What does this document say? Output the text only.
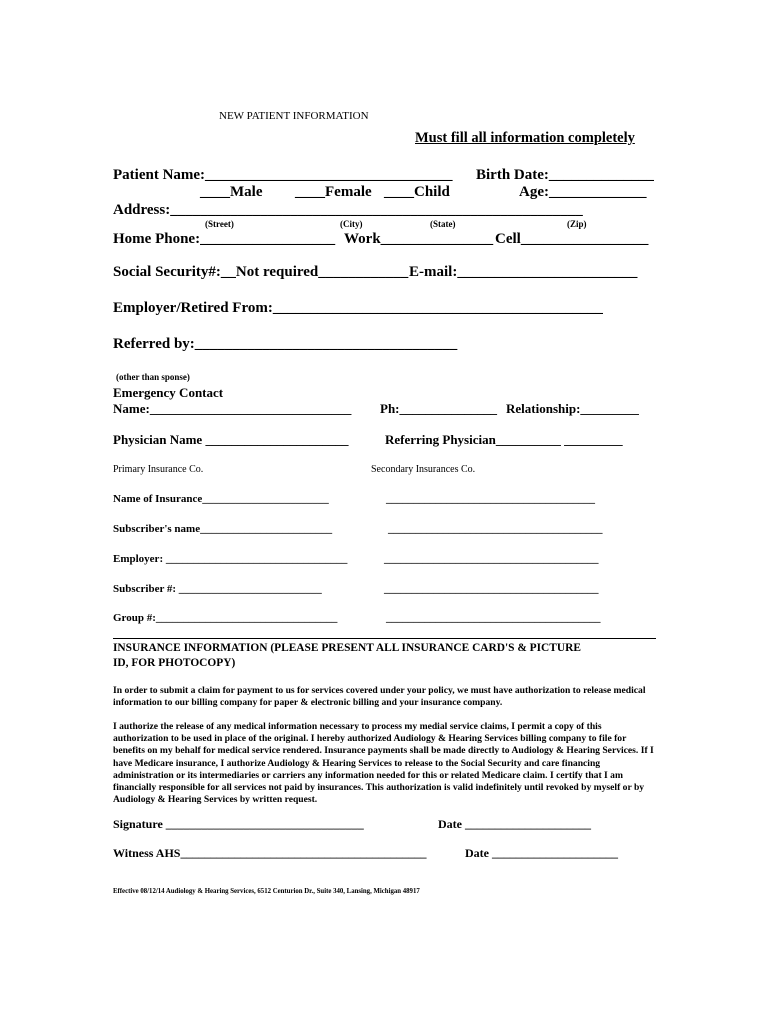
NEW PATIENT INFORMATION
Must fill all information completely
Patient Name:_________________________________ Birth Date:______________
____Male ____Female ____Child	Age:_____________
Address:_______________________________________________________
(Street)	(City)	(State)	(Zip)
Home Phone:__________________ Work_______________ Cell_________________
Social Security#:__Not required____________ E-mail:________________________
Employer/Retired From:____________________________________________
Referred by:___________________________________
(other than sponse)
Emergency Contact
Name:_______________________________ Ph:_______________ Relationship:_________
Physician Name ______________________	Referring Physician__________ _________
Primary Insurance Co.	Secondary Insurances Co.
Name of Insurance_______________________	______________________________________
Subscriber's name________________________	_______________________________________
Employer: _________________________________	_______________________________________
Subscriber #: __________________________	_______________________________________
Group #:_________________________________	_______________________________________
INSURANCE INFORMATION (PLEASE PRESENT ALL INSURANCE CARD'S & PICTURE
ID, FOR PHOTOCOPY)
In order to submit a claim for payment to us for services covered under your policy, we must have authorization to release medical information to our billing company for paper & electronic billing and your insurance company.
I authorize the release of any medical information necessary to process my medial service claims, I permit a copy of this authorization to be used in place of the original. I hereby authorized Audiology & Hearing Services billing company to file for benefits on my behalf for medical service rendered. Insurance payments shall be made directly to Audiology & Hearing Services. If I have Medicare insurance, I authorize Audiology & Hearing Services to release to the Social Security and care financing administration or its intermediaries or carriers any information needed for this or related Medicare claim. I certify that I am financially responsible for all services not paid by insurances. This authorization is valid indefinitely until revoked by myself or by Audiology & Hearing Services by written request.
Signature _________________________________	Date _____________________
Witness AHS_________________________________________	Date _____________________
Effective 08/12/14 Audiology & Hearing Services, 6512 Centurion Dr., Suite 340, Lansing, Michigan 48917
